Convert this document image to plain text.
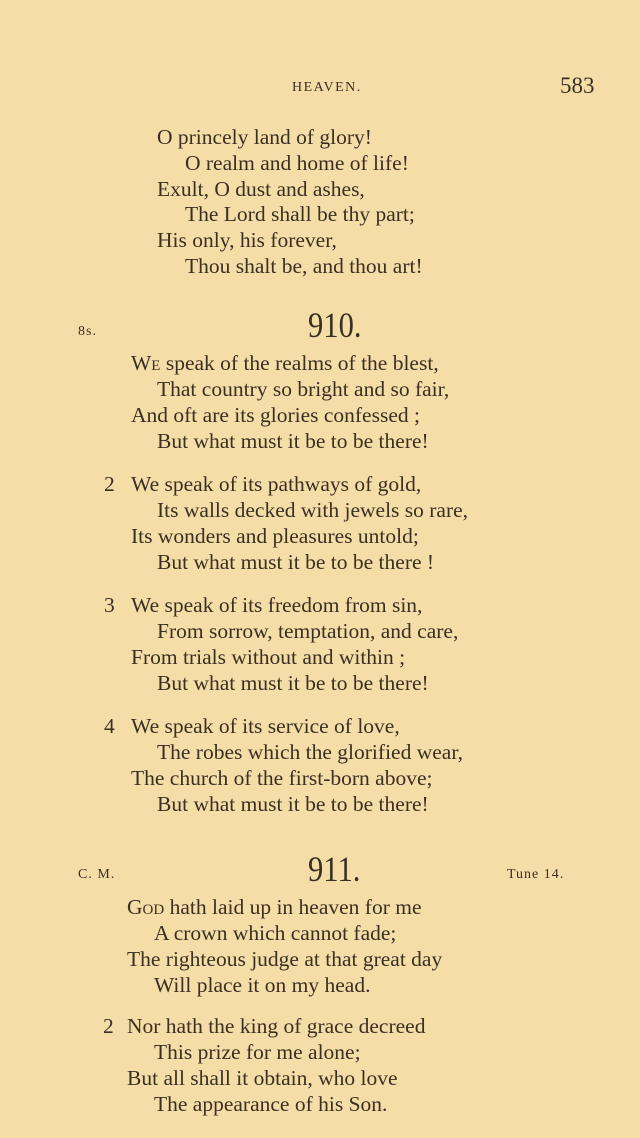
HEAVEN.	583
O princely land of glory!
O realm and home of life!
Exult, O dust and ashes,
The Lord shall be thy part;
His only, his forever,
Thou shalt be, and thou art!
8s.	910.
We speak of the realms of the blest,
That country so bright and so fair,
And oft are its glories confessed ;
But what must it be to be there!
2 We speak of its pathways of gold,
Its walls decked with jewels so rare,
Its wonders and pleasures untold;
But what must it be to be there !
3 We speak of its freedom from sin,
From sorrow, temptation, and care,
From trials without and within ;
But what must it be to be there!
4 We speak of its service of love,
The robes which the glorified wear,
The church of the first-born above;
But what must it be to be there!
C. M.	911.	Tune 14.
God hath laid up in heaven for me
A crown which cannot fade;
The righteous judge at that great day
Will place it on my head.
2 Nor hath the king of grace decreed
This prize for me alone;
But all shall it obtain, who love
The appearance of his Son.
